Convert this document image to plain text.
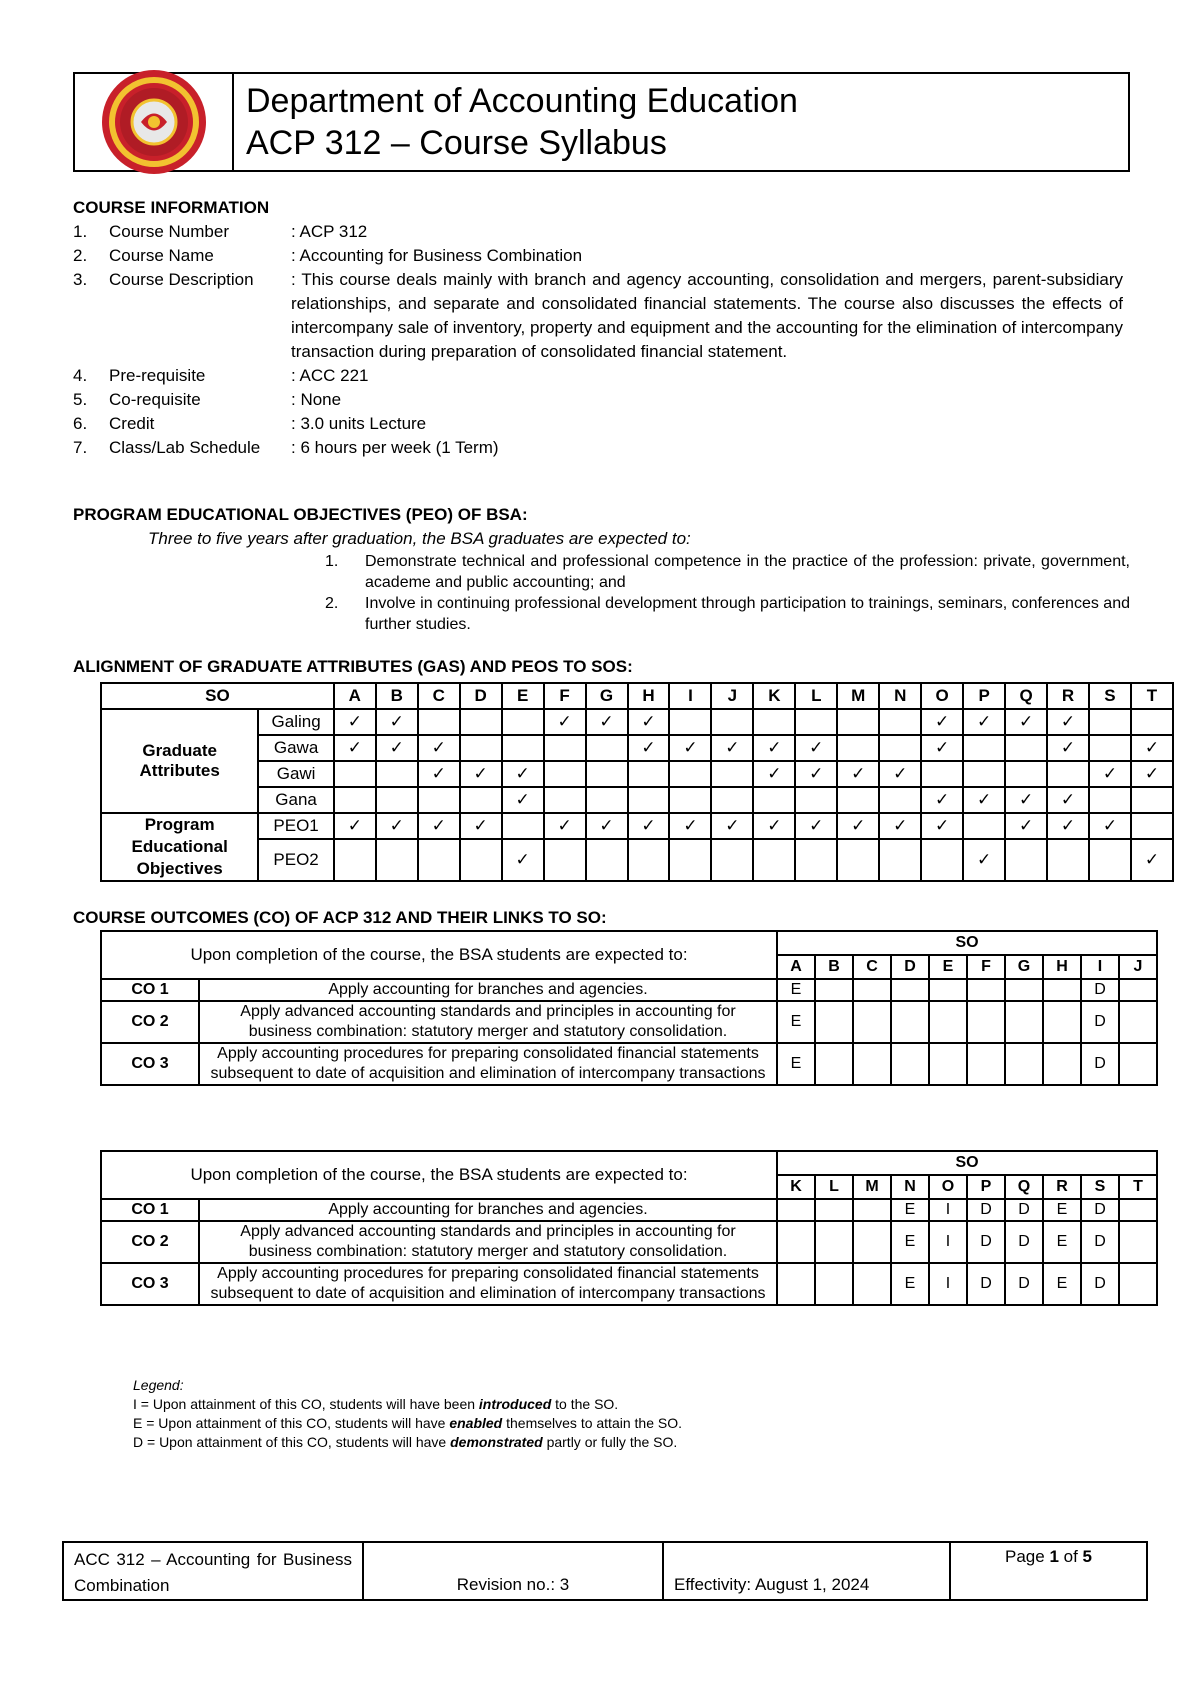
Department of Accounting Education
ACP 312 – Course Syllabus
COURSE INFORMATION
1.	Course Number	: ACP 312
2.	Course Name	: Accounting for Business Combination
3.	Course Description	: This course deals mainly with branch and agency accounting, consolidation and mergers, parent-subsidiary relationships, and separate and consolidated financial statements. The course also discusses the effects of intercompany sale of inventory, property and equipment and the accounting for the elimination of intercompany transaction during preparation of consolidated financial statement.
4.	Pre-requisite	: ACC 221
5.	Co-requisite	: None
6.	Credit	: 3.0 units Lecture
7.	Class/Lab Schedule	: 6 hours per week (1 Term)
PROGRAM EDUCATIONAL OBJECTIVES (PEO) OF BSA:
Three to five years after graduation, the BSA graduates are expected to:
1.	Demonstrate technical and professional competence in the practice of the profession: private, government, academe and public accounting; and
2.	Involve in continuing professional development through participation to trainings, seminars, conferences and further studies.
ALIGNMENT OF GRADUATE ATTRIBUTES (GAS) AND PEOS TO SOS:
SO		A	B	C	D	E	F	G	H	I	J	K	L	M	N	O	P	Q	R	S	T
Graduate Attributes	Galing	✓	✓				✓	✓	✓							✓	✓	✓	✓		
	Gawa	✓	✓	✓					✓	✓	✓	✓	✓			✓			✓		✓
	Gawi			✓	✓	✓						✓	✓	✓	✓					✓	✓
	Gana					✓										✓	✓	✓	✓		
Program Educational Objectives	PEO1	✓	✓	✓	✓		✓	✓	✓	✓	✓	✓	✓	✓	✓	✓		✓	✓	✓	
	PEO2					✓											✓				✓
COURSE OUTCOMES (CO) OF ACP 312 AND THEIR LINKS TO SO:
Upon completion of the course, the BSA students are expected to:		SO									
		A	B	C	D	E	F	G	H	I	J
CO 1	Apply accounting for branches and agencies.	E								D	
CO 2	Apply advanced accounting standards and principles in accounting for business combination: statutory merger and statutory consolidation.	E								D	
CO 3	Apply accounting procedures for preparing consolidated financial statements subsequent to date of acquisition and elimination of intercompany transactions	E								D	
Upon completion of the course, the BSA students are expected to:		SO									
		K	L	M	N	O	P	Q	R	S	T
CO 1	Apply accounting for branches and agencies.				E	I	D	D	E	D	
CO 2	Apply advanced accounting standards and principles in accounting for business combination: statutory merger and statutory consolidation.				E	I	D	D	E	D	
CO 3	Apply accounting procedures for preparing consolidated financial statements subsequent to date of acquisition and elimination of intercompany transactions				E	I	D	D	E	D	
Legend:
I = Upon attainment of this CO, students will have been introduced to the SO.
E = Upon attainment of this CO, students will have enabled themselves to attain the SO.
D = Upon attainment of this CO, students will have demonstrated partly or fully the SO.
ACC 312 – Accounting for Business Combination	Revision no.: 3	Effectivity: August 1, 2024
Page 1 of 5
